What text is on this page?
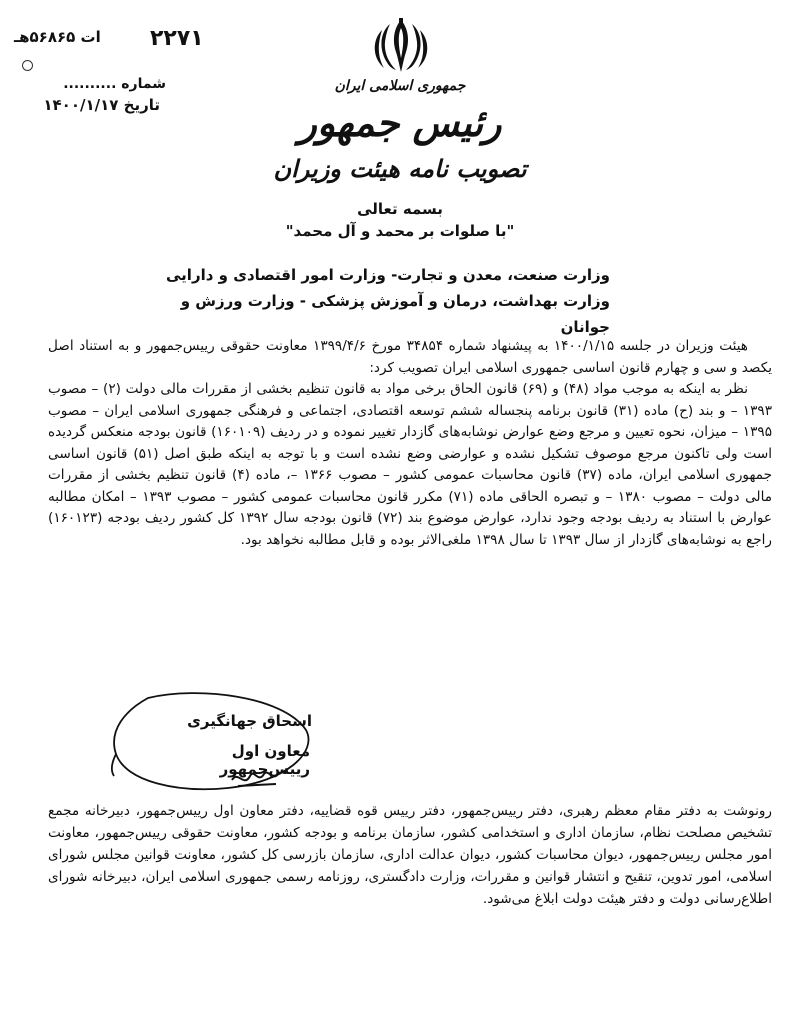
ات ۵۶۸۶۵هـ ۲۲۷۱
شماره ..........
تاریخ ۱۴۰۰/۱/۱۷
جمهوری اسلامی ایران
رئیس جمهور
تصویب نامه هیئت وزیران
بسمه تعالی
"با صلوات بر محمد و آل محمد"
وزارت صنعت، معدن و تجارت- وزارت امور اقتصادی و دارایی
وزارت بهداشت، درمان و آموزش پزشکی - وزارت ورزش و جوانان

هیئت وزیران در جلسه ۱۴۰۰/۱/۱۵ به پیشنهاد شماره ۳۴۸۵۴ مورخ ۱۳۹۹/۴/۶ معاونت حقوقی رییس‌جمهور و به استناد اصل یکصد و سی و چهارم قانون اساسی جمهوری اسلامی ایران تصویب کرد:

نظر به اینکه به موجب مواد (۴۸) و (۶۹) قانون الحاق برخی مواد به قانون تنظیم بخشی از مقررات مالی دولت (۲) – مصوب ۱۳۹۳ – و بند (ح) ماده (۳۱) قانون برنامه پنجساله ششم توسعه اقتصادی، اجتماعی و فرهنگی جمهوری اسلامی ایران – مصوب ۱۳۹۵ – میزان، نحوه تعیین و مرجع وضع عوارض نوشابه‌های گازدار تغییر نموده و در ردیف (۱۶۰۱۰۹) قانون بودجه منعکس گردیده است ولی تاکنون مرجع موصوف تشکیل نشده و عوارضی وضع نشده است و با توجه به اینکه طبق اصل (۵۱) قانون اساسی جمهوری اسلامی ایران، ماده (۳۷) قانون محاسبات عمومی کشور – مصوب ۱۳۶۶ –، ماده (۴) قانون تنظیم بخشی از مقررات مالی دولت – مصوب ۱۳۸۰ – و تبصره الحاقی ماده (۷۱) مکرر قانون محاسبات عمومی کشور – مصوب ۱۳۹۳ – امکان مطالبه عوارض با استناد به ردیف بودجه وجود ندارد، عوارض موضوع بند (۷۲) قانون بودجه سال ۱۳۹۲ کل کشور ردیف بودجه (۱۶۰۱۲۳) راجع به نوشابه‌های گازدار از سال ۱۳۹۳ تا سال ۱۳۹۸ ملغی‌الاثر بوده و قابل مطالبه نخواهد بود.

اسحاق جهانگیری
معاون اول رییس‌جمهور
رونوشت به دفتر مقام معظم رهبری، دفتر رییس‌جمهور، دفتر رییس قوه قضاییه، دفتر معاون اول رییس‌جمهور، دبیرخانه مجمع تشخیص مصلحت نظام، سازمان اداری و استخدامی کشور، سازمان برنامه و بودجه کشور، معاونت حقوقی رییس‌جمهور، معاونت امور مجلس رییس‌جمهور، دیوان محاسبات کشور، دیوان عدالت اداری، سازمان بازرسی کل کشور، معاونت قوانین مجلس شورای اسلامی، امور تدوین، تنقیح و انتشار قوانین و مقررات، وزارت دادگستری، روزنامه رسمی جمهوری اسلامی ایران، دبیرخانه شورای اطلاع‌رسانی دولت و دفتر هیئت دولت ابلاغ می‌شود.
